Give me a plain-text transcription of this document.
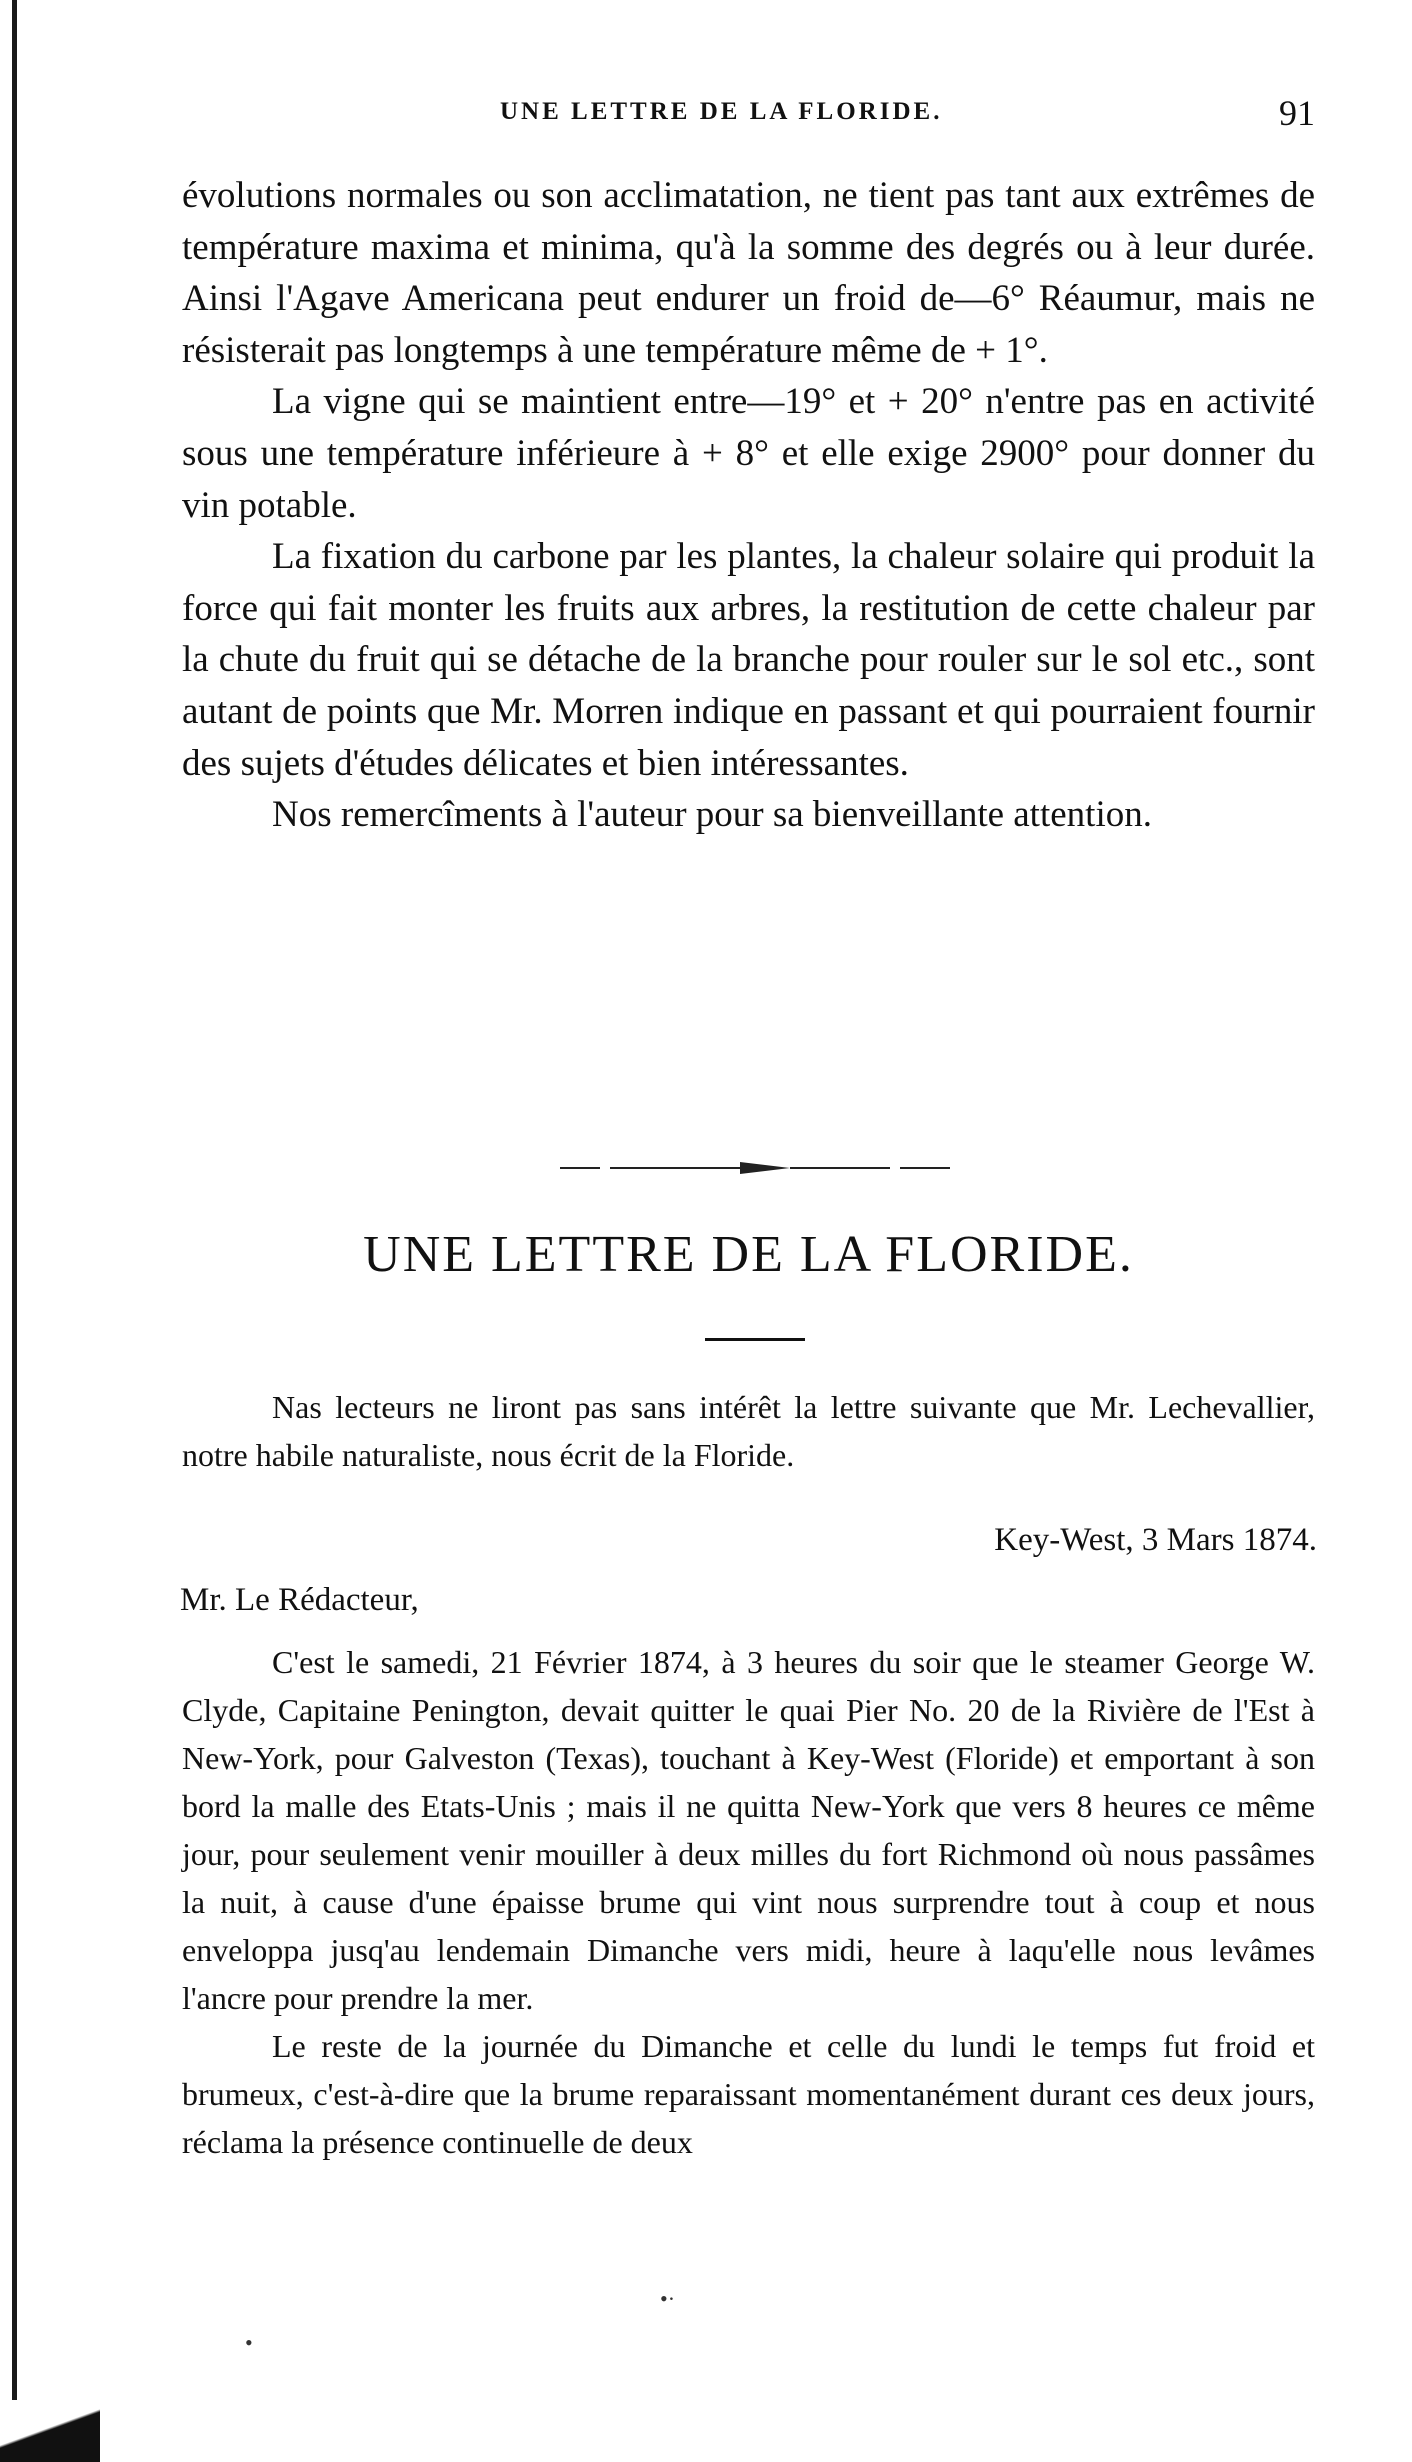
UNE LETTRE DE LA FLORIDE.	91

évolutions normales ou son acclimatation, ne tient pas tant aux extrêmes de température maxima et minima, qu'à la somme des degrés ou à leur durée. Ainsi l'Agave Americana peut endurer un froid de—6° Réaumur, mais ne résisterait pas longtemps à une température même de + 1°.

La vigne qui se maintient entre—19° et + 20° n'entre pas en activité sous une température inférieure à + 8° et elle exige 2900° pour donner du vin potable.

La fixation du carbone par les plantes, la chaleur solaire qui produit la force qui fait monter les fruits aux arbres, la restitution de cette chaleur par la chute du fruit qui se détache de la branche pour rouler sur le sol etc., sont autant de points que Mr. Morren indique en passant et qui pourraient fournir des sujets d'études délicates et bien intéressantes.

Nos remercîments à l'auteur pour sa bienveillante attention.

UNE LETTRE DE LA FLORIDE.

Nas lecteurs ne liront pas sans intérêt la lettre suivante que Mr. Lechevallier, notre habile naturaliste, nous écrit de la Floride.

Key-West, 3 Mars 1874.

Mr. Le Rédacteur,

C'est le samedi, 21 Février 1874, à 3 heures du soir que le steamer George W. Clyde, Capitaine Penington, devait quitter le quai Pier No. 20 de la Rivière de l'Est à New-York, pour Galveston (Texas), touchant à Key-West (Floride) et emportant à son bord la malle des Etats-Unis ; mais il ne quitta New-York que vers 8 heures ce même jour, pour seulement venir mouiller à deux milles du fort Richmond où nous passâmes la nuit, à cause d'une épaisse brume qui vint nous surprendre tout à coup et nous enveloppa jusq'au lendemain Dimanche vers midi, heure à laqu'elle nous levâmes l'ancre pour prendre la mer.

Le reste de la journée du Dimanche et celle du lundi le temps fut froid et brumeux, c'est-à-dire que la brume reparaissant momentanément durant ces deux jours, réclama la présence continuelle de deux

•·
•
